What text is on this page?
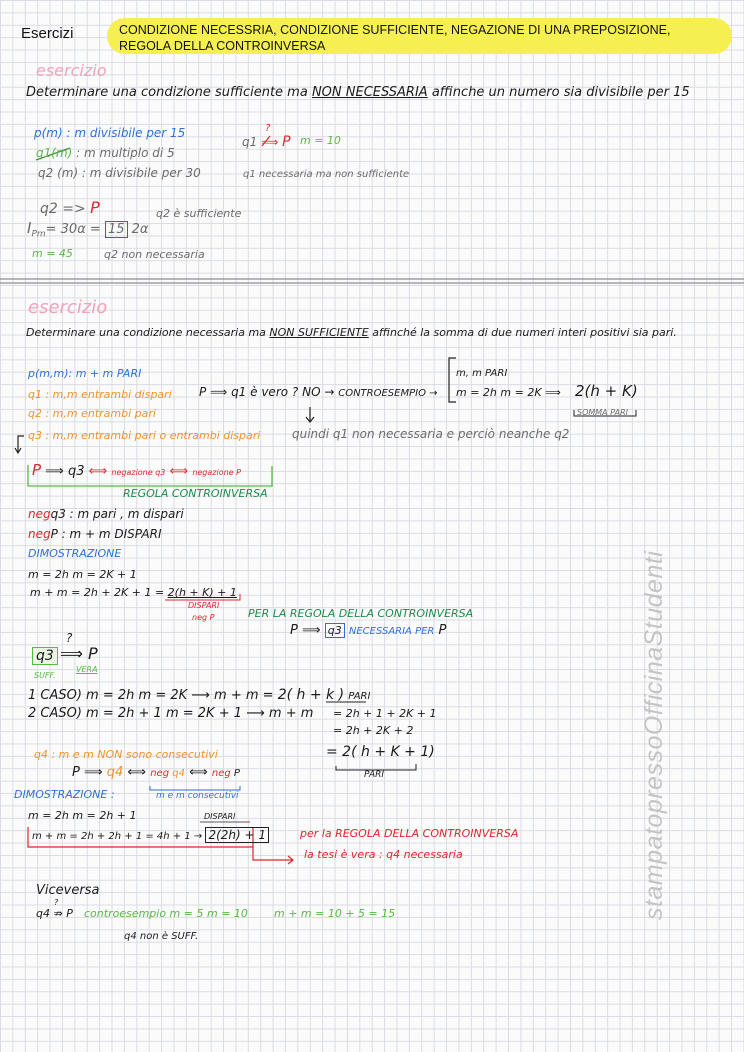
Esercizi	CONDIZIONE NECESSRIA, CONDIZIONE SUFFICIENTE, NEGAZIONE DI UNA PREPOSIZIONE, REGOLA DELLA CONTROINVERSA
esercizio
Determinare una condizione sufficiente ma NON NECESSARIA affinche un numero sia divisibile per 15
p(m) : m divisibile per 15
q1(m) : m multiplo di 5
q2 (m) : m divisibile per 30
q1 ⟹
?
P m = 10
q1 necessaria ma non sufficiente
q2 => P	q2 è sufficiente
$I_{Pm}= 30\alpha = 15$ 2α
m = 45	q2 non necessaria
esercizio
Determinare una condizione necessaria ma NON SUFFICIENTE affinché la somma di due numeri interi positivi sia pari.
p(m,m): m + m PARI
q1 : m,m entrambi dispari
q2 : m,m entrambi pari
q3 : m,m entrambi pari o entrambi dispari
P ⟹ q1 è vero ? NO → CONTROESEMPIO →
m, m PARI
m = 2h m = 2K ⟹ 2(h + K)
SOMMA PARI
quindi q1 non necessaria e perciò neanche q2
P ⟹ q3 ⟺ negazione q3 ⟺ negazione P
REGOLA CONTROINVERSA
negq3 : m pari , m dispari
negP : m + m DISPARI
DIMOSTRAZIONE
m = 2h m = 2K + 1
m + m = 2h + 2K + 1 = 2(h + K) + 1
DISPARI
neg P	PER LA REGOLA DELLA CONTROINVERSA
P ⟹ q3 NECESSARIA PER P
q3
SUFF.
?
⟹ P
VERA
1 CASO) m = 2h m = 2K ⟶ m + m = 2( h + k ) PARI
2 CASO) m = 2h + 1 m = 2K + 1 ⟶ m + m = 2h + 1 + 2K + 1
= 2h + 2K + 2
= 2( h + K + 1)
PARI
q4 : m e m NON sono consecutivi
P ⟹ q4 ⟺ neg q4 ⟺ neg P
m e m consecutivi
DIMOSTRAZIONE :
m = 2h m = 2h + 1	DISPARI
m + m = 2h + 2h + 1 = 4h + 1 → 2(2h) + 1	per la REGOLA DELLA CONTROINVERSA
la tesi è vera : q4 necessaria
Viceversa
q4 ⇏ P
?
controesempio m = 5 m = 10 m + m = 10 + 5 = 15
q4 non è SUFF.
stampatopressoOfficinaStudenti
